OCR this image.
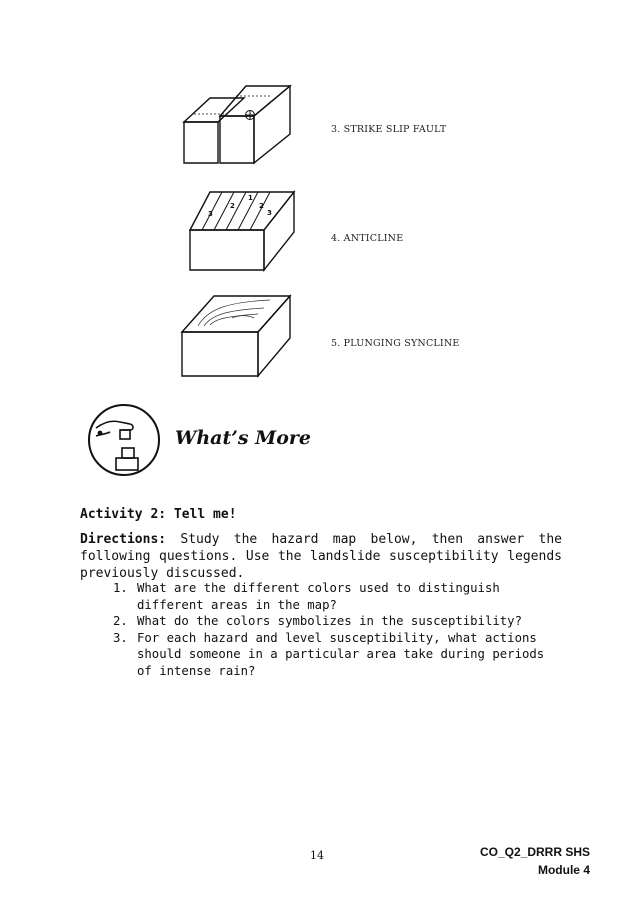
3. STRIKE SLIP FAULT
3
2
1
2
3
4. ANTICLINE
5. PLUNGING SYNCLINE
What’s More
Activity 2: Tell me!
Directions: Study the hazard map below, then answer the following questions. Use the landslide susceptibility legends previously discussed.
1. What are the different colors used to distinguish different areas in the map?
2. What do the colors symbolizes in the susceptibility?
3. For each hazard and level susceptibility, what actions should someone in a particular area take during periods of intense rain?
14	CO_Q2_DRRR SHS
Module 4
